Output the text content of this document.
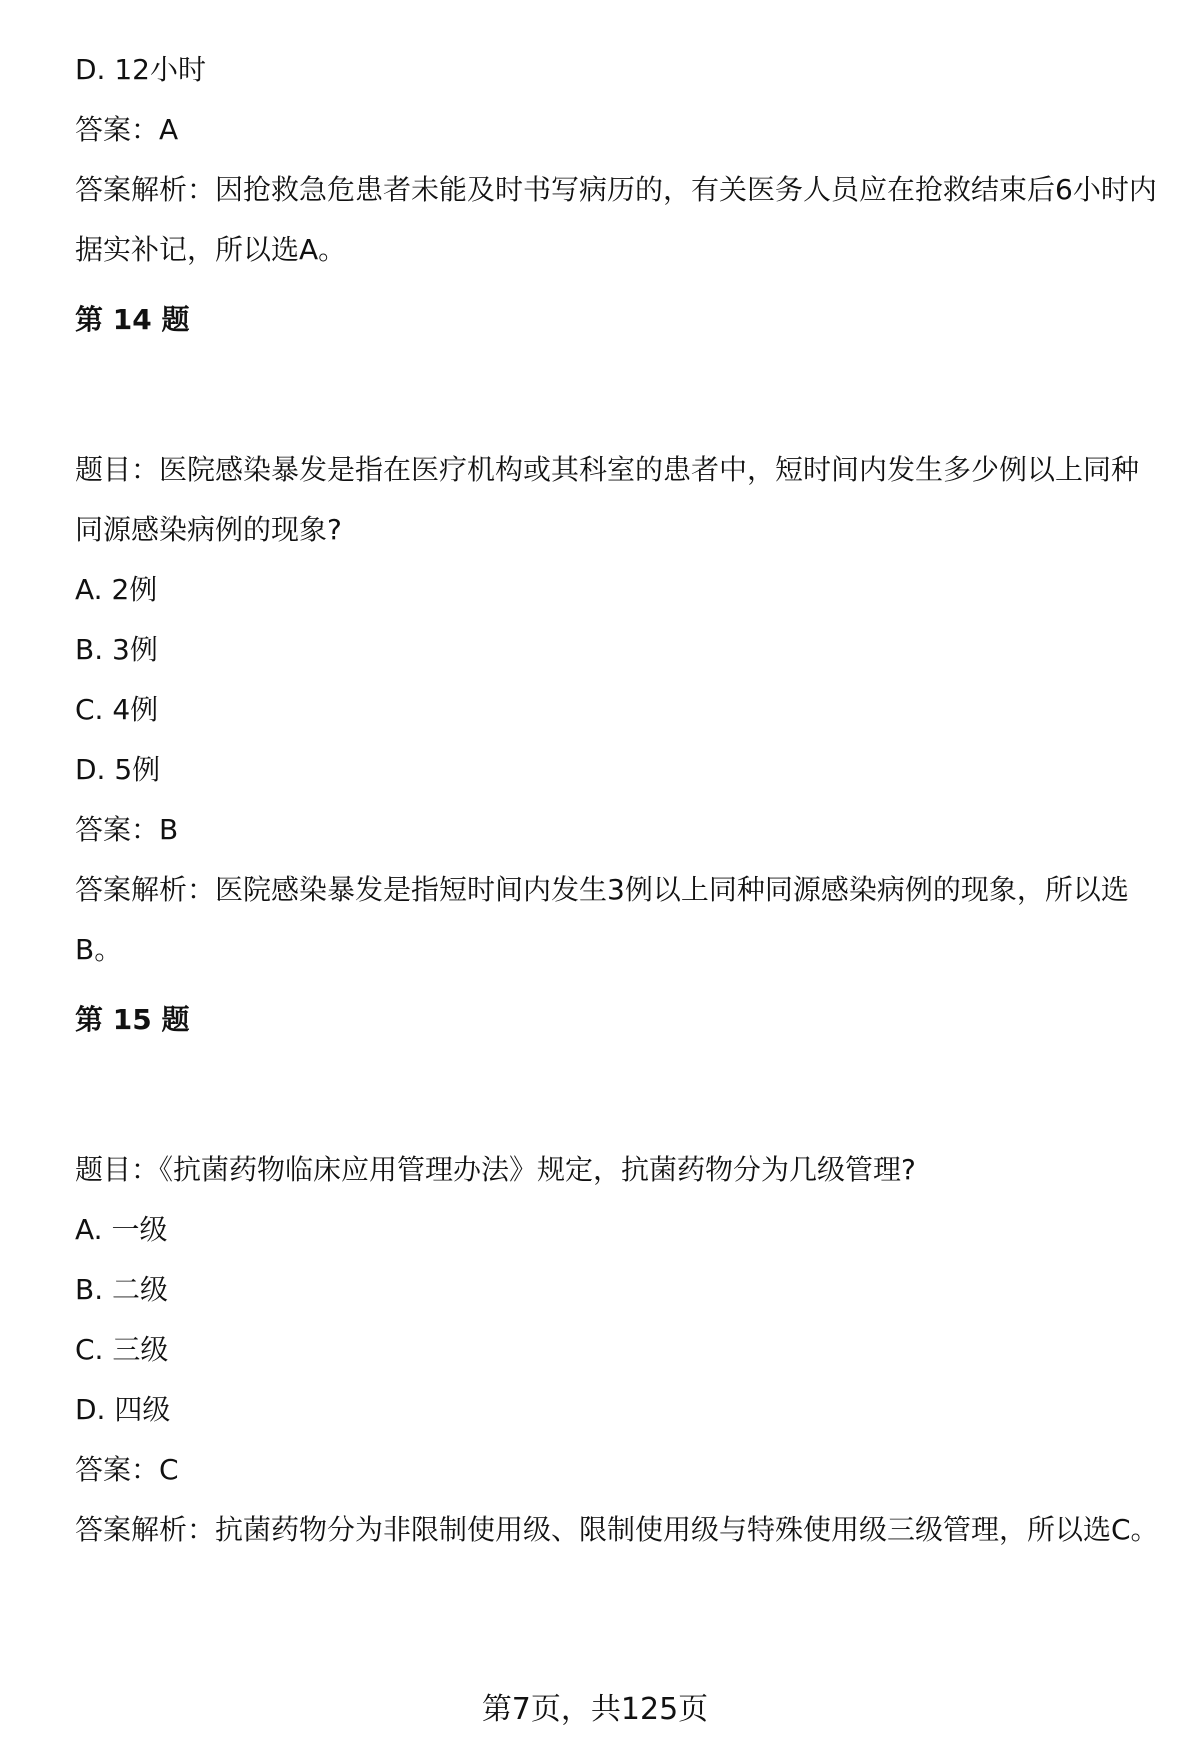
D. 12小时

答案：A

答案解析：因抢救急危患者未能及时书写病历的，有关医务人员应在抢救结束后6小时内据实补记，所以选A。

第 14 题

题目：医院感染暴发是指在医疗机构或其科室的患者中，短时间内发生多少例以上同种同源感染病例的现象?

A. 2例

B. 3例

C. 4例

D. 5例

答案：B

答案解析：医院感染暴发是指短时间内发生3例以上同种同源感染病例的现象，所以选B。

第 15 题

题目：《抗菌药物临床应用管理办法》规定，抗菌药物分为几级管理?

A. 一级

B. 二级

C. 三级

D. 四级

答案：C

答案解析：抗菌药物分为非限制使用级、限制使用级与特殊使用级三级管理，所以选C。

第7页，共125页
